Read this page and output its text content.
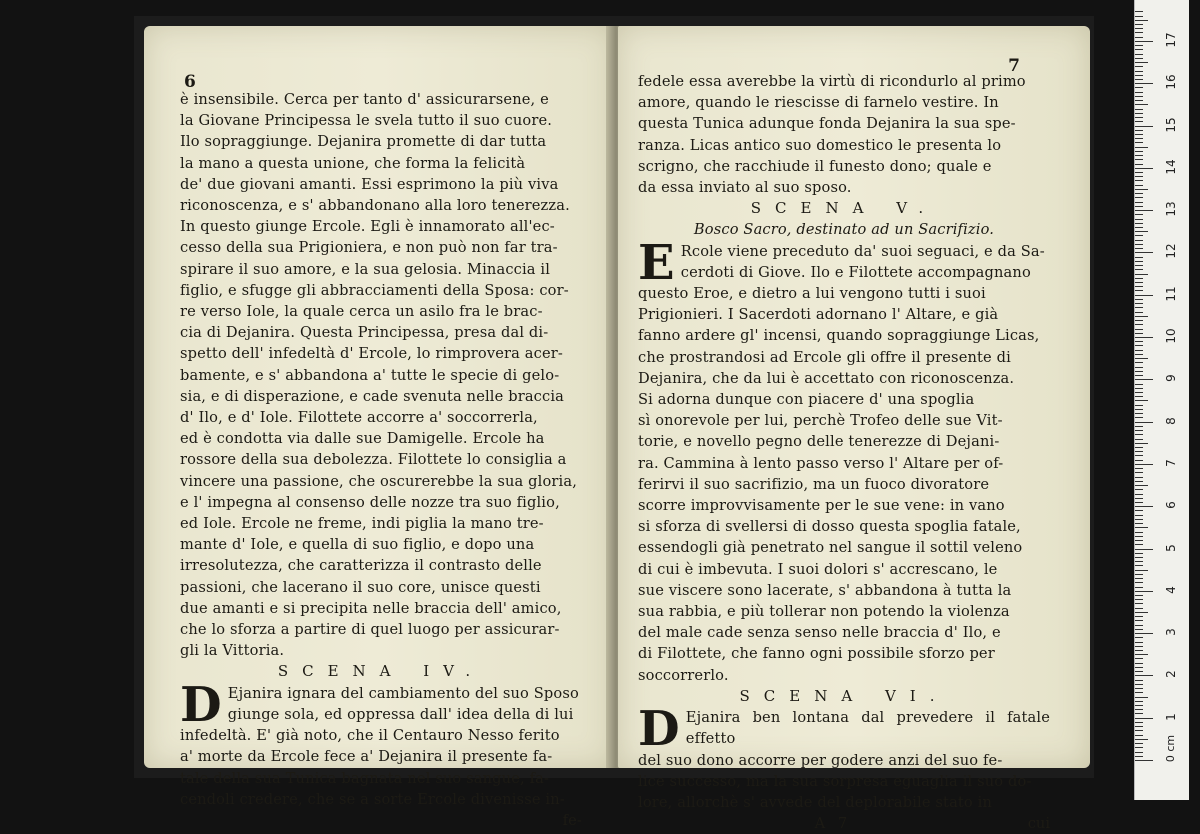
6

è insensibile. Cerca per tanto d' assicurarsene, e

la Giovane Principessa le svela tutto il suo cuore.

Ilo sopraggiunge. Dejanira promette di dar tutta

la mano a questa unione, che forma la felicità

de' due giovani amanti. Essi esprimono la più viva

riconoscenza, e s' abbandonano alla loro tenerezza.

In questo giunge Ercole. Egli è innamorato all'ec-

cesso della sua Prigioniera, e non può non far tra-

spirare il suo amore, e la sua gelosia. Minaccia il

figlio, e sfugge gli abbracciamenti della Sposa: cor-

re verso Iole, la quale cerca un asilo fra le brac-

cia di Dejanira. Questa Principessa, presa dal di-

spetto dell' infedeltà d' Ercole, lo rimprovera acer-

bamente, e s' abbandona a' tutte le specie di gelo-

sia, e di disperazione, e cade svenuta nelle braccia

d' Ilo, e d' Iole. Filottete accorre a' soccorrerla,

ed è condotta via dalle sue Damigelle. Ercole ha

rossore della sua debolezza. Filottete lo consiglia a

vincere una passione, che oscurerebbe la sua gloria,

e l' impegna al consenso delle nozze tra suo figlio,

ed Iole. Ercole ne freme, indi piglia la mano tre-

mante d' Iole, e quella di suo figlio, e dopo una

irresolutezza, che caratterizza il contrasto delle

passioni, che lacerano il suo core, unisce questi

due amanti e si precipita nelle braccia dell' amico,

che lo sforza a partire di quel luogo per assicurar-

gli la Vittoria.

SCENA IV.

D Ejanira ignara del cambiamento del suo Sposo

giunge sola, ed oppressa dall' idea della di lui

infedeltà. E' già noto, che il Centauro Nesso ferito

a' morte da Ercole fece a' Dejanira il presente fa-

tale della sua Tunica bagnata nel suo sangue, fa-

cendoli credere, che se a sorte Ercole divenisse in-

fe-

7

fedele essa averebbe la virtù di ricondurlo al primo

amore, quando le riescisse di farnelo vestire. In

questa Tunica adunque fonda Dejanira la sua spe-

ranza. Licas antico suo domestico le presenta lo

scrigno, che racchiude il funesto dono; quale e

da essa inviato al suo sposo.

SCENA V.

Bosco Sacro, destinato ad un Sacrifizio.

E Rcole viene preceduto da' suoi seguaci, e da Sa-

cerdoti di Giove. Ilo e Filottete accompagnano

questo Eroe, e dietro a lui vengono tutti i suoi

Prigionieri. I Sacerdoti adornano l' Altare, e già

fanno ardere gl' incensi, quando sopraggiunge Licas,

che prostrandosi ad Ercole gli offre il presente di

Dejanira, che da lui è accettato con riconoscenza.

Si adorna dunque con piacere d' una spoglia

sì onorevole per lui, perchè Trofeo delle sue Vit-

torie, e novello pegno delle tenerezze di Dejani-

ra. Cammina à lento passo verso l' Altare per of-

ferirvi il suo sacrifizio, ma un fuoco divoratore

scorre improvvisamente per le sue vene: in vano

si sforza di svellersi di dosso questa spoglia fatale,

essendogli già penetrato nel sangue il sottil veleno

di cui è imbevuta. I suoi dolori s' accrescano, le

sue viscere sono lacerate, s' abbandona à tutta la

sua rabbia, e più tollerar non potendo la violenza

del male cade senza senso nelle braccia d' Ilo, e

di Filottete, che fanno ogni possibile sforzo per

soccorrerlo.

SCENA VI.

D Ejanira ben lontana dal prevedere il fatale effetto

del suo dono accorre per godere anzi del suo fe-

lice successo, ma la sua sorpresa eguaglia il suo do-

lore, allorchè s' avvede del deplorabile stato in

A 7	cui

0 cm
1
2
3
4
5
6
7
8
9
10
11
12
13
14
15
16
17
